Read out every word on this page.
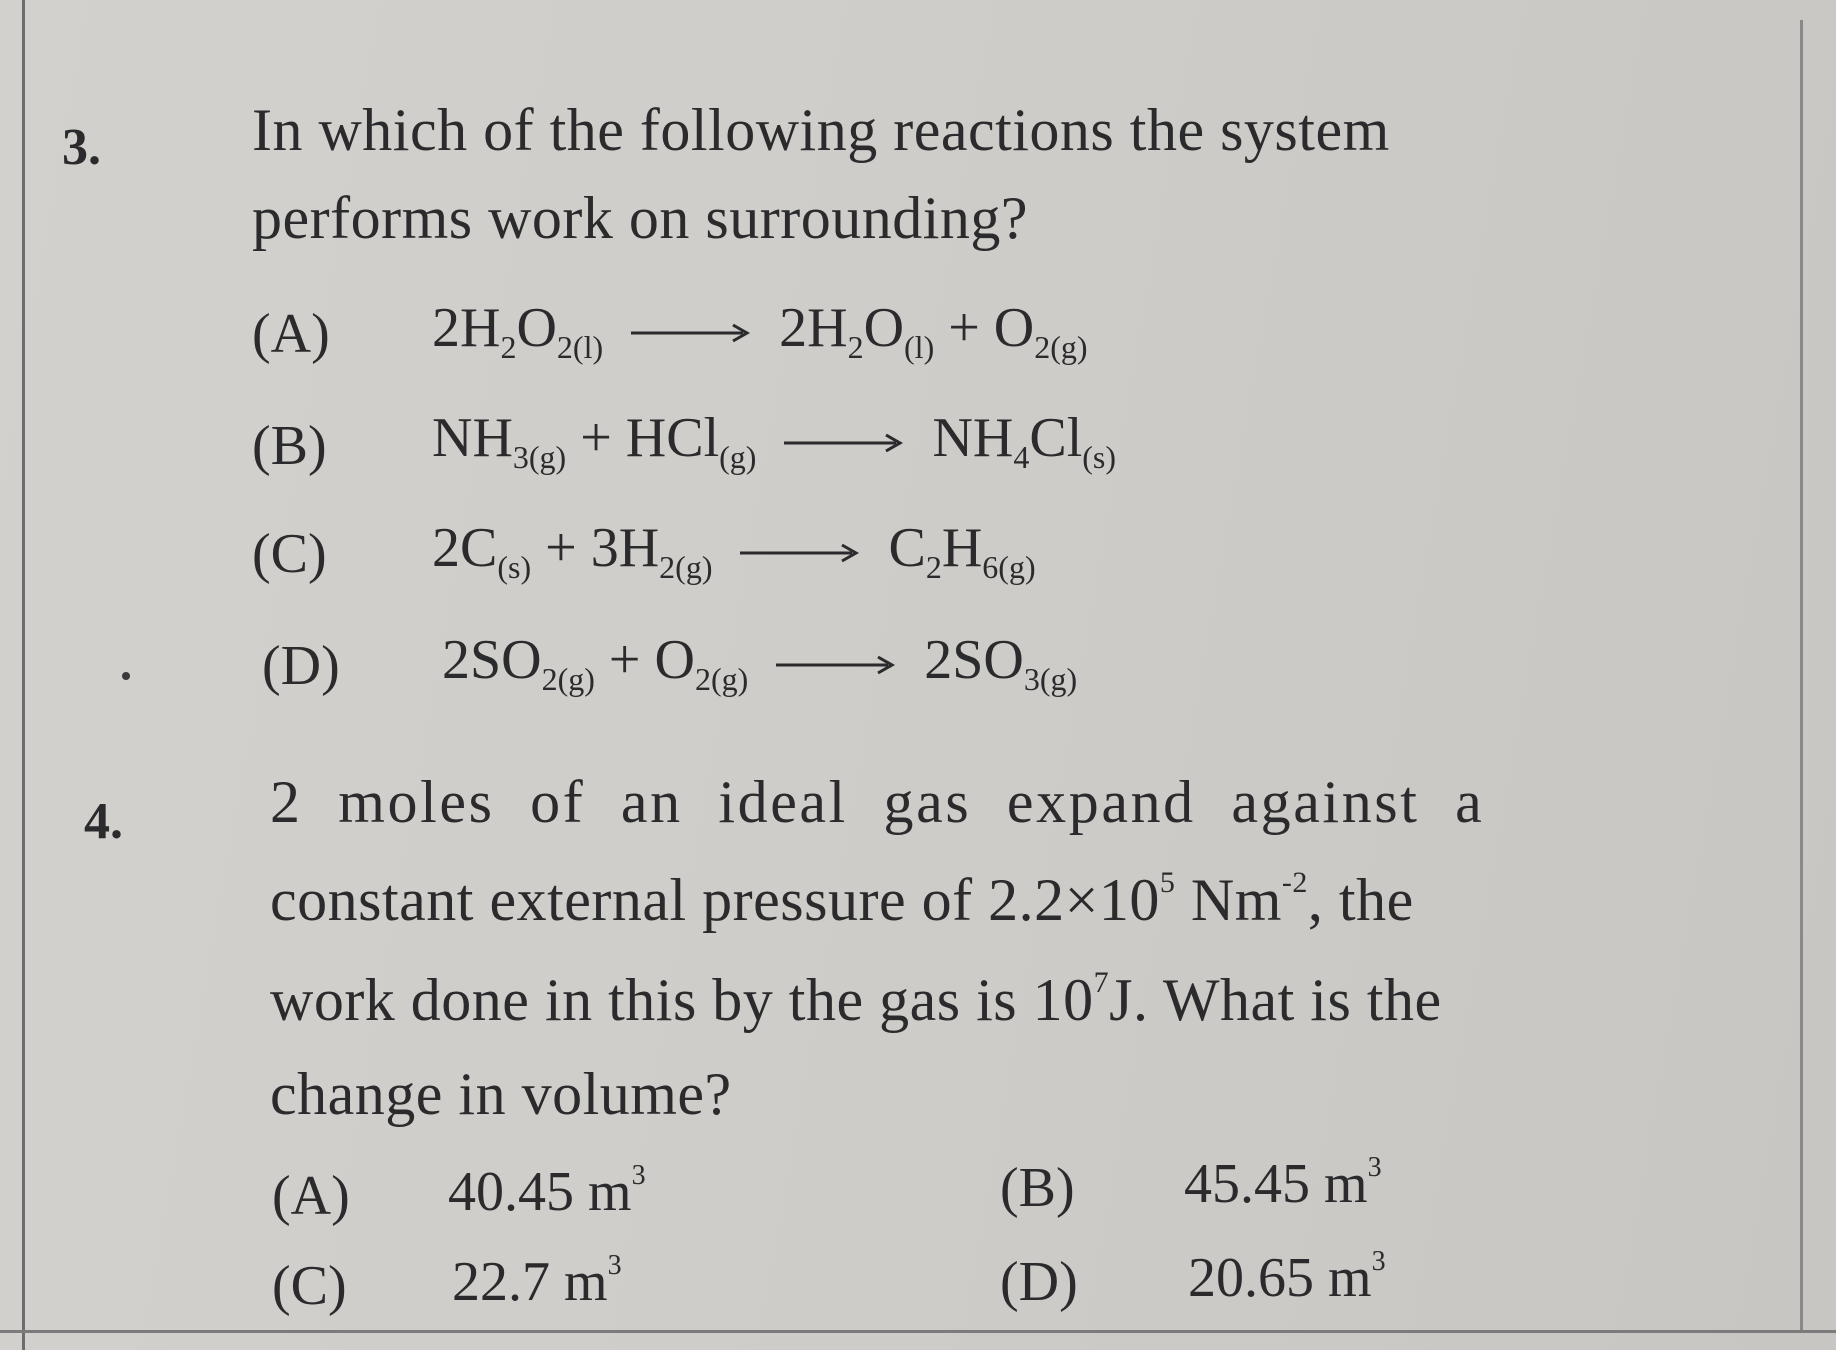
3.	In which of the following reactions the system
performs work on surrounding?
(A) $2H_2O_{2(l)} \to 2H_2O_{(l)} + O_{2(g)}$
(B) $NH_{3(g)} + HCl_{(g)} \to NH_4Cl_{(s)}$
(C) $2C_{(s)} + 3H_{2(g)} \to C_2H_{6(g)}$
(D) $2SO_{2(g)} + O_{2(g)} \to 2SO_{3(g)}$
4. 2 moles of an ideal gas expand against a
constant external pressure of $2.2\times 10^5$ $Nm^{-2}$, the
work done in this by the gas is $10^7J$. What is the
change in volume?
(A) 40.45 $m^3$	(B) 45.45 $m^3$
(C) 22.7 $m^3$	(D) 20.65 $m^3$
